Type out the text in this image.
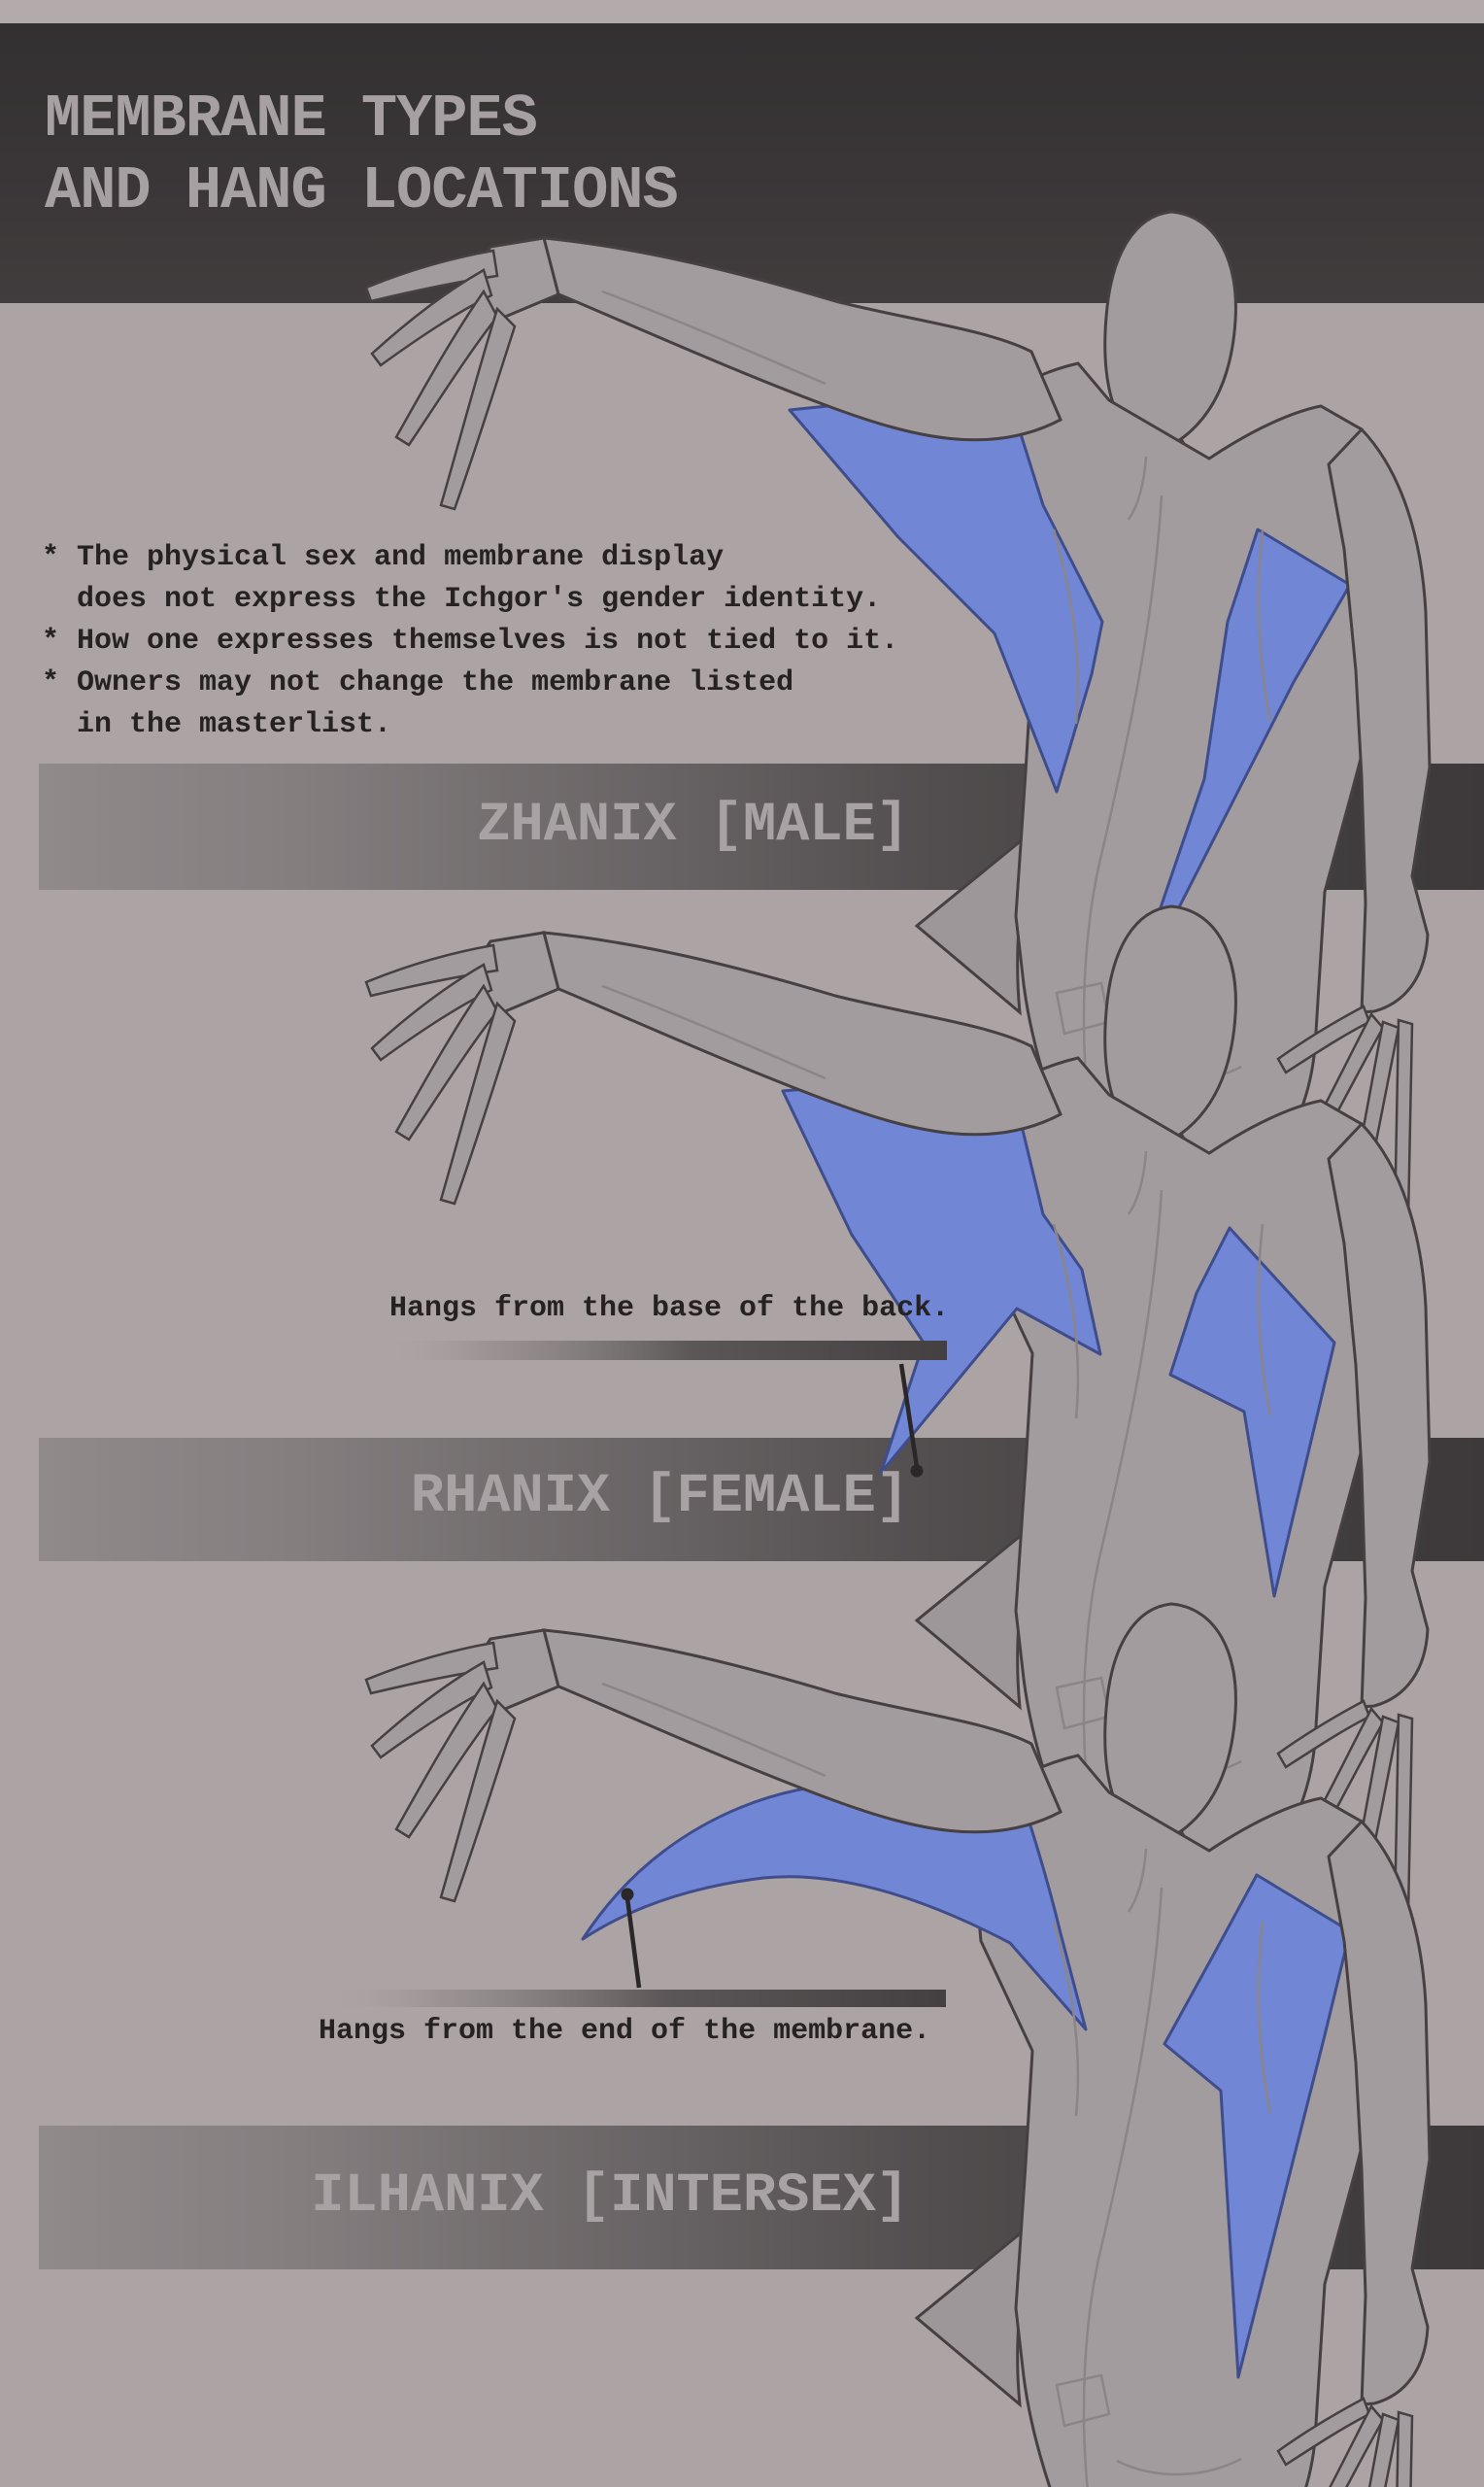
MEMBRANE TYPES
AND HANG LOCATIONS
* The physical sex and membrane display
does not express the Ichgor's gender identity.
* How one expresses themselves is not tied to it.
* Owners may not change the membrane listed
in the masterlist.
ZHANIX [MALE]
RHANIX [FEMALE]
ILHANIX [INTERSEX]
Hangs from the base of the back.
Hangs from the end of the membrane.
